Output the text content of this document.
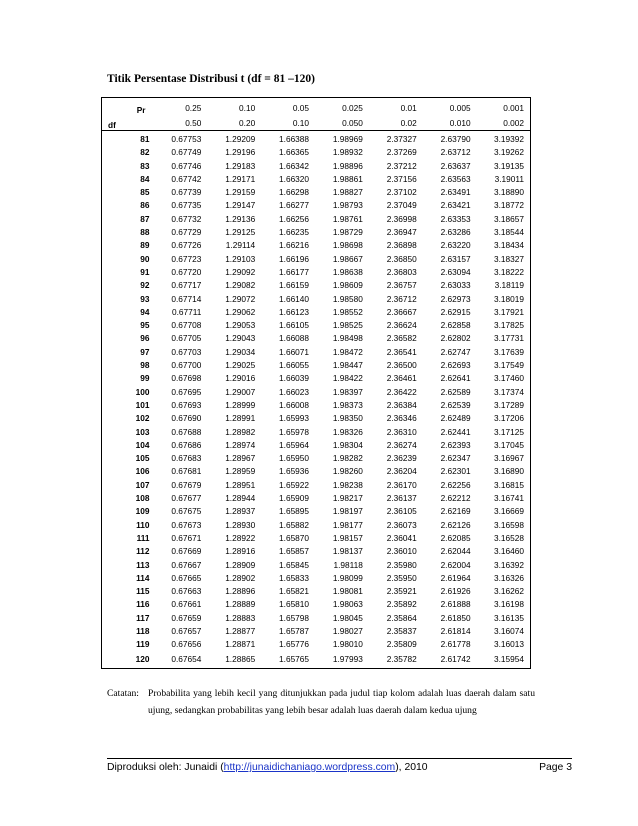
Titik Persentase Distribusi t (df = 81 –120)
Pr	0.25	0.10	0.05	0.025	0.01	0.005	0.001

df	0.50	0.20	0.10	0.050	0.02	0.010	0.002
81	0.67753	1.29209	1.66388	1.98969	2.37327	2.63790	3.19392
82	0.67749	1.29196	1.66365	1.98932	2.37269	2.63712	3.19262
83	0.67746	1.29183	1.66342	1.98896	2.37212	2.63637	3.19135
84	0.67742	1.29171	1.66320	1.98861	2.37156	2.63563	3.19011
85	0.67739	1.29159	1.66298	1.98827	2.37102	2.63491	3.18890
86	0.67735	1.29147	1.66277	1.98793	2.37049	2.63421	3.18772
87	0.67732	1.29136	1.66256	1.98761	2.36998	2.63353	3.18657
88	0.67729	1.29125	1.66235	1.98729	2.36947	2.63286	3.18544
89	0.67726	1.29114	1.66216	1.98698	2.36898	2.63220	3.18434
90	0.67723	1.29103	1.66196	1.98667	2.36850	2.63157	3.18327
91	0.67720	1.29092	1.66177	1.98638	2.36803	2.63094	3.18222
92	0.67717	1.29082	1.66159	1.98609	2.36757	2.63033	3.18119
93	0.67714	1.29072	1.66140	1.98580	2.36712	2.62973	3.18019
94	0.67711	1.29062	1.66123	1.98552	2.36667	2.62915	3.17921
95	0.67708	1.29053	1.66105	1.98525	2.36624	2.62858	3.17825
96	0.67705	1.29043	1.66088	1.98498	2.36582	2.62802	3.17731
97	0.67703	1.29034	1.66071	1.98472	2.36541	2.62747	3.17639
98	0.67700	1.29025	1.66055	1.98447	2.36500	2.62693	3.17549
99	0.67698	1.29016	1.66039	1.98422	2.36461	2.62641	3.17460
100	0.67695	1.29007	1.66023	1.98397	2.36422	2.62589	3.17374
101	0.67693	1.28999	1.66008	1.98373	2.36384	2.62539	3.17289
102	0.67690	1.28991	1.65993	1.98350	2.36346	2.62489	3.17206
103	0.67688	1.28982	1.65978	1.98326	2.36310	2.62441	3.17125
104	0.67686	1.28974	1.65964	1.98304	2.36274	2.62393	3.17045
105	0.67683	1.28967	1.65950	1.98282	2.36239	2.62347	3.16967
106	0.67681	1.28959	1.65936	1.98260	2.36204	2.62301	3.16890
107	0.67679	1.28951	1.65922	1.98238	2.36170	2.62256	3.16815
108	0.67677	1.28944	1.65909	1.98217	2.36137	2.62212	3.16741
109	0.67675	1.28937	1.65895	1.98197	2.36105	2.62169	3.16669
110	0.67673	1.28930	1.65882	1.98177	2.36073	2.62126	3.16598
111	0.67671	1.28922	1.65870	1.98157	2.36041	2.62085	3.16528
112	0.67669	1.28916	1.65857	1.98137	2.36010	2.62044	3.16460
113	0.67667	1.28909	1.65845	1.98118	2.35980	2.62004	3.16392
114	0.67665	1.28902	1.65833	1.98099	2.35950	2.61964	3.16326
115	0.67663	1.28896	1.65821	1.98081	2.35921	2.61926	3.16262
116	0.67661	1.28889	1.65810	1.98063	2.35892	2.61888	3.16198
117	0.67659	1.28883	1.65798	1.98045	2.35864	2.61850	3.16135
118	0.67657	1.28877	1.65787	1.98027	2.35837	2.61814	3.16074
119	0.67656	1.28871	1.65776	1.98010	2.35809	2.61778	3.16013
120	0.67654	1.28865	1.65765	1.97993	2.35782	2.61742	3.15954
Catatan: Probabilita yang lebih kecil yang ditunjukkan pada judul tiap kolom adalah luas daerah dalam satu ujung, sedangkan probabilitas yang lebih besar adalah luas daerah dalam kedua ujung
Diproduksi oleh: Junaidi (http://junaidichaniago.wordpress.com), 2010	Page 3
